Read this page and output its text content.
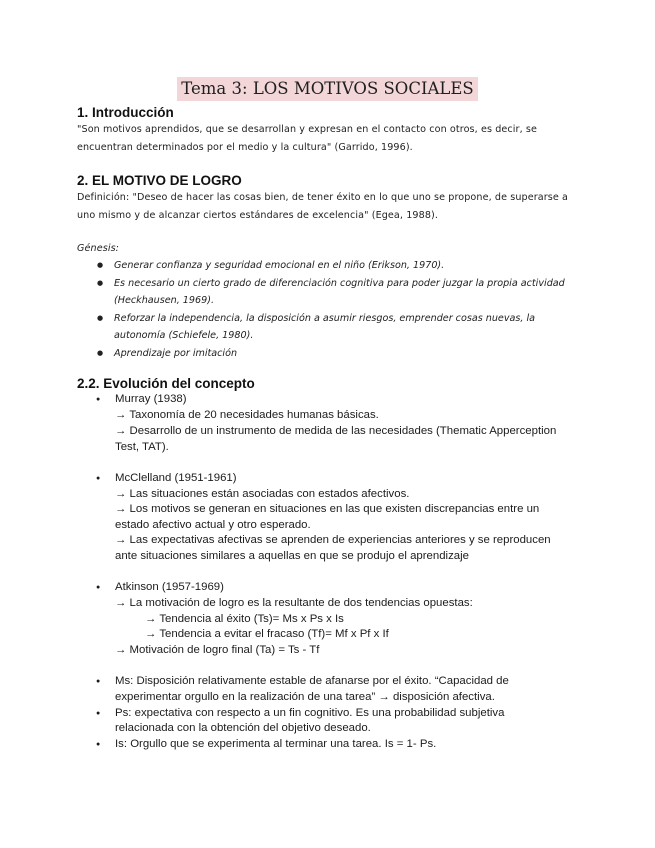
Tema 3: LOS MOTIVOS SOCIALES
1. Introducción
"Son motivos aprendidos, que se desarrollan y expresan en el contacto con otros, es decir, se encuentran determinados por el medio y la cultura" (Garrido, 1996).
2. EL MOTIVO DE LOGRO
Definición: "Deseo de hacer las cosas bien, de tener éxito en lo que uno se propone, de superarse a uno mismo y de alcanzar ciertos estándares de excelencia" (Egea, 1988).
Génesis:
● Generar confianza y seguridad emocional en el niño (Erikson, 1970).
● Es necesario un cierto grado de diferenciación cognitiva para poder juzgar la propia actividad (Heckhausen, 1969).
● Reforzar la independencia, la disposición a asumir riesgos, emprender cosas nuevas, la autonomía (Schiefele, 1980).
● Aprendizaje por imitación
2.2. Evolución del concepto
● Murray (1938)
→ Taxonomía de 20 necesidades humanas básicas.
→ Desarrollo de un instrumento de medida de las necesidades (Thematic Apperception
Test, TAT).
● McClelland (1951-1961)
→ Las situaciones están asociadas con estados afectivos.
→ Los motivos se generan en situaciones en las que existen discrepancias entre un
estado afectivo actual y otro esperado.
→ Las expectativas afectivas se aprenden de experiencias anteriores y se reproducen
ante situaciones similares a aquellas en que se produjo el aprendizaje
● Atkinson (1957-1969)
→ La motivación de logro es la resultante de dos tendencias opuestas:
→ Tendencia al éxito (Ts)= Ms x Ps x Is
→ Tendencia a evitar el fracaso (Tf)= Mf x Pf x If
→ Motivación de logro final (Ta) = Ts - Tf
● Ms: Disposición relativamente estable de afanarse por el éxito. “Capacidad de
experimentar orgullo en la realización de una tarea” → disposición afectiva.
● Ps: expectativa con respecto a un fin cognitivo. Es una probabilidad subjetiva
relacionada con la obtención del objetivo deseado.
● Is: Orgullo que se experimenta al terminar una tarea. Is = 1- Ps.
